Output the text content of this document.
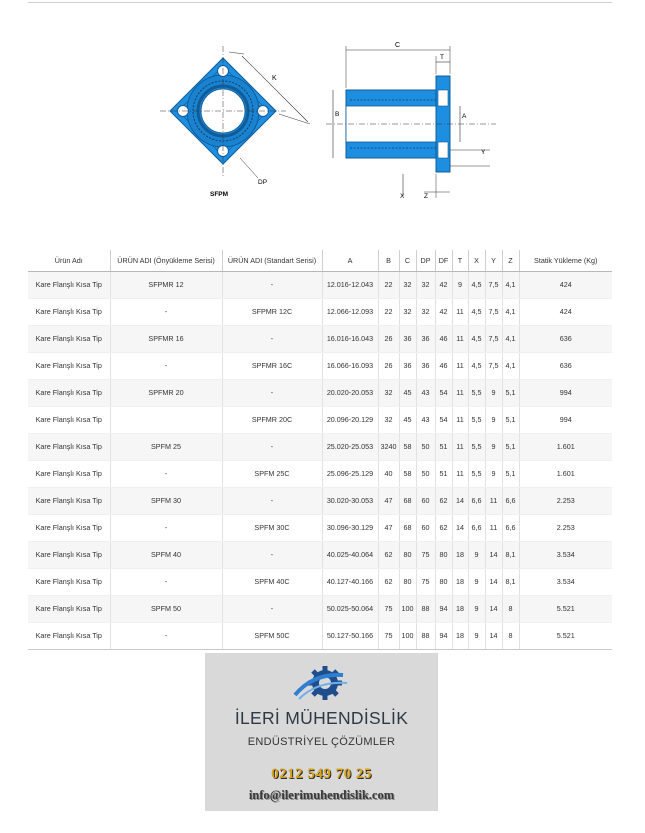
K
DP
SFPM
C
T
B	A
Y
X	Z
Ürün Adı	ÜRÜN ADI (Önyükleme Serisi)	ÜRÜN ADI (Standart Serisi)	A	B	C	DP	DF	T	X	Y	Z	Statik Yükleme (Kg)
Kare Flanşlı Kısa Tip	SFPMR 12	-	12.016-12.043	22	32	32	42	9	4,5	7,5	4,1	424
Kare Flanşlı Kısa Tip	-	SFPMR 12C	12.066-12.093	22	32	32	42	11	4,5	7,5	4,1	424
Kare Flanşlı Kısa Tip	SPFMR 16	-	16.016-16.043	26	36	36	46	11	4,5	7,5	4,1	636
Kare Flanşlı Kısa Tip	-	SPFMR 16C	16.066-16.093	26	36	36	46	11	4,5	7,5	4,1	636
Kare Flanşlı Kısa Tip	SPFMR 20	-	20.020-20.053	32	45	43	54	11	5,5	9	5,1	994
Kare Flanşlı Kısa Tip		SPFMR 20C	20.096-20.129	32	45	43	54	11	5,5	9	5,1	994
Kare Flanşlı Kısa Tip	SPFM 25	-	25.020-25.053	3240	58	50	51	11	5,5	9	5,1	1.601
Kare Flanşlı Kısa Tip	-	SPFM 25C	25.096-25.129	40	58	50	51	11	5,5	9	5,1	1.601
Kare Flanşlı Kısa Tip	SPFM 30	-	30.020-30.053	47	68	60	62	14	6,6	11	6,6	2.253
Kare Flanşlı Kısa Tip	-	SPFM 30C	30.096-30.129	47	68	60	62	14	6,6	11	6,6	2.253
Kare Flanşlı Kısa Tip	SPFM 40	-	40.025-40.064	62	80	75	80	18	9	14	8,1	3.534
Kare Flanşlı Kısa Tip	-	SPFM 40C	40.127-40.166	62	80	75	80	18	9	14	8,1	3.534
Kare Flanşlı Kısa Tip	SPFM 50	-	50.025-50.064	75	100	88	94	18	9	14	8	5.521
Kare Flanşlı Kısa Tip	-	SPFM 50C	50.127-50.166	75	100	88	94	18	9	14	8	5.521
İLERİ MÜHENDİSLİK
ENDÜSTRİYEL ÇÖZÜMLER
0212 549 70 25
info@ilerimuhendislik.com
